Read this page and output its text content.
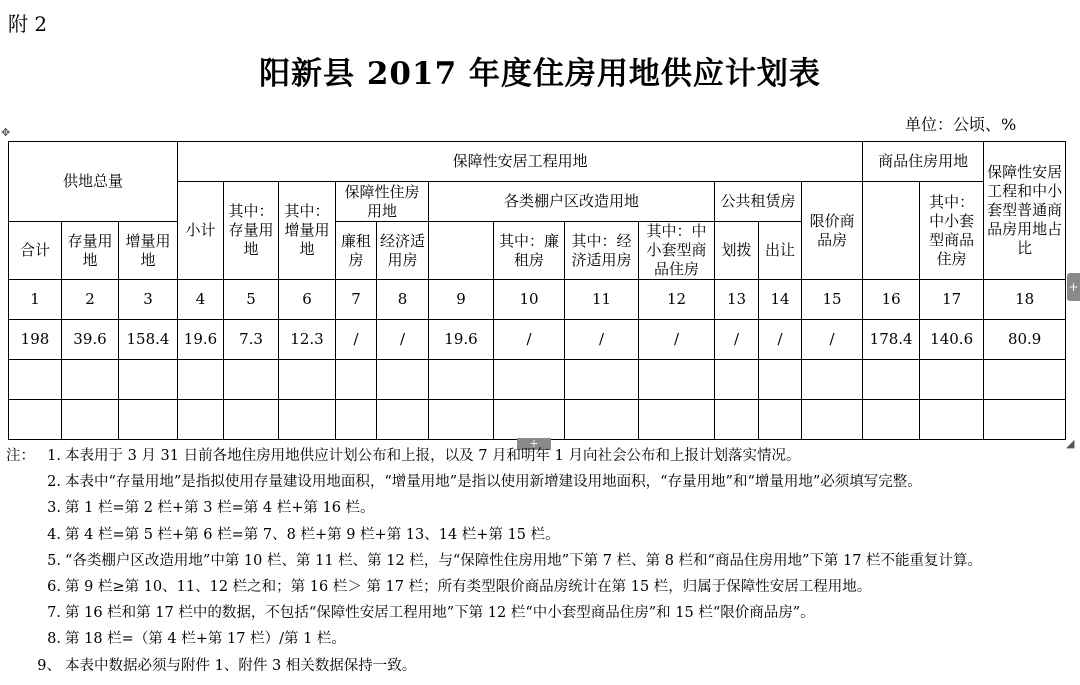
附 2
阳新县 2017 年度住房用地供应计划表
单位：公顷、%
✥
供地总量			保障性安居工程用地												商品住房用地		保障性安居工程和中小套型普通商品房用地占比
			小计	其中：存量用地	其中：增量用地	保障性住房用地		各类棚户区改造用地				公共租赁房		限价商品房		其中：中小套型商品住房	
合计	存量用地	增量用地				廉租房	经济适用房		其中：廉租房	其中：经济适用房	其中：中小套型商品住房	划拨	出让				
1	2	3	4	5	6	7	8	9	10	11	12	13	14	15	16	17	18
198	39.6	158.4	19.6	7.3	12.3	/	/	19.6	/	/	/	/	/	/	178.4	140.6	80.9

+
+	◢
注： 1. 本表用于 3 月 31 日前各地住房用地供应计划公布和上报，以及 7 月和明年 1 月向社会公布和上报计划落实情况。
2. 本表中“存量用地”是指拟使用存量建设用地面积，“增量用地”是指以使用新增建设用地面积，“存量用地”和“增量用地”必须填写完整。
3. 第 1 栏=第 2 栏+第 3 栏=第 4 栏+第 16 栏。
4. 第 4 栏=第 5 栏+第 6 栏=第 7、8 栏+第 9 栏+第 13、14 栏+第 15 栏。
5. “各类棚户区改造用地”中第 10 栏、第 11 栏、第 12 栏，与“保障性住房用地”下第 7 栏、第 8 栏和“商品住房用地”下第 17 栏不能重复计算。
6. 第 9 栏≥第 10、11、12 栏之和；第 16 栏＞ 第 17 栏；所有类型限价商品房统计在第 15 栏，归属于保障性安居工程用地。
7. 第 16 栏和第 17 栏中的数据，不包括“保障性安居工程用地”下第 12 栏“中小套型商品住房”和 15 栏“限价商品房”。
8. 第 18 栏=（第 4 栏+第 17 栏）/第 1 栏。
9、 本表中数据必须与附件 1、附件 3 相关数据保持一致。
